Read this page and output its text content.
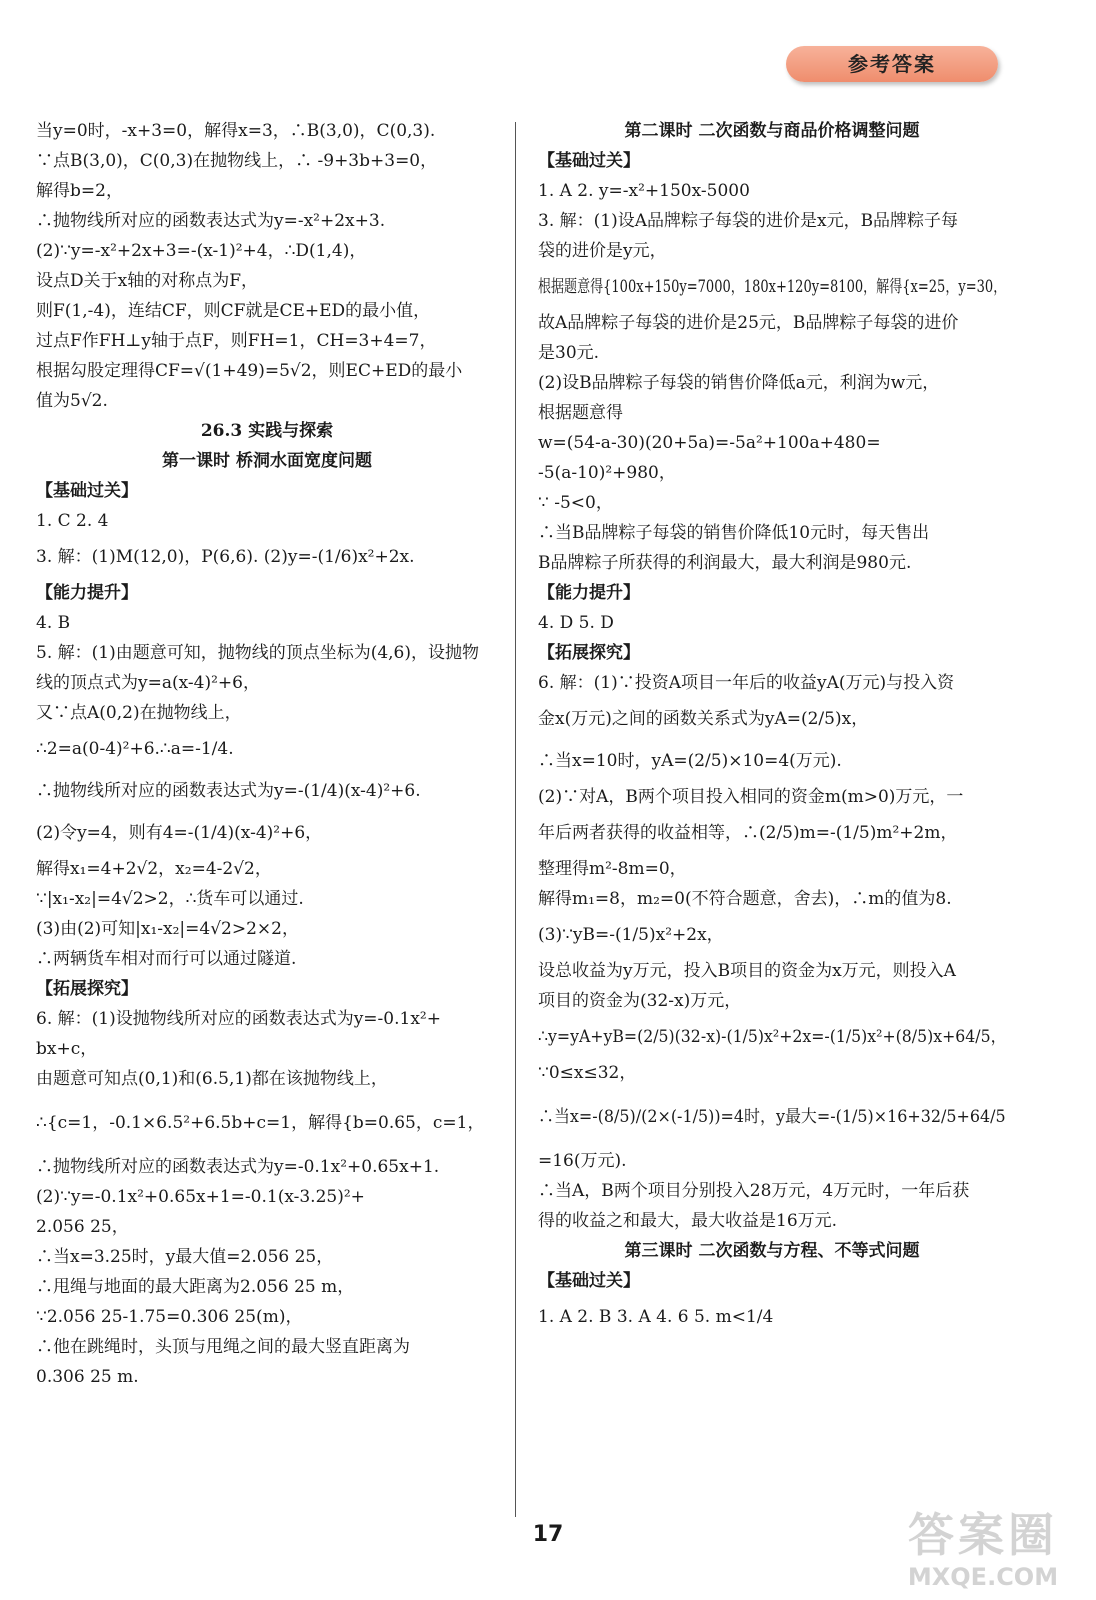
参考答案
当y=0时，-x+3=0，解得x=3，∴B(3,0)，C(0,3).
∵点B(3,0)，C(0,3)在抛物线上，∴ -9+3b+3=0，
解得b=2，
∴抛物线所对应的函数表达式为y=-x²+2x+3.
(2)∵y=-x²+2x+3=-(x-1)²+4，∴D(1,4)，
设点D关于x轴的对称点为F，
则F(1,-4)，连结CF，则CF就是CE+ED的最小值，
过点F作FH⊥y轴于点F，则FH=1，CH=3+4=7，
根据勾股定理得CF=√(1+49)=5√2，则EC+ED的最小
值为5√2.
26.3 实践与探索
第一课时 桥洞水面宽度问题
【基础过关】
1. C 2. 4
3. 解：(1)M(12,0)，P(6,6). (2)y=-(1/6)x²+2x.
【能力提升】
4. B
5. 解：(1)由题意可知，抛物线的顶点坐标为(4,6)，设抛物
线的顶点式为y=a(x-4)²+6，
又∵点A(0,2)在抛物线上，
∴2=a(0-4)²+6.∴a=-1/4.
∴抛物线所对应的函数表达式为y=-(1/4)(x-4)²+6.
(2)令y=4，则有4=-(1/4)(x-4)²+6，
解得x₁=4+2√2，x₂=4-2√2，
∵|x₁-x₂|=4√2>2，∴货车可以通过.
(3)由(2)可知|x₁-x₂|=4√2>2×2，
∴两辆货车相对而行可以通过隧道.
【拓展探究】
6. 解：(1)设抛物线所对应的函数表达式为y=-0.1x²+
bx+c，
由题意可知点(0,1)和(6.5,1)都在该抛物线上，
∴{c=1，-0.1×6.5²+6.5b+c=1，解得{b=0.65，c=1，
∴抛物线所对应的函数表达式为y=-0.1x²+0.65x+1.
(2)∵y=-0.1x²+0.65x+1=-0.1(x-3.25)²+
2.056 25，
∴当x=3.25时，y最大值=2.056 25，
∴甩绳与地面的最大距离为2.056 25 m，
∵2.056 25-1.75=0.306 25(m)，
∴他在跳绳时，头顶与甩绳之间的最大竖直距离为
0.306 25 m.
第二课时 二次函数与商品价格调整问题
【基础过关】
1. A 2. y=-x²+150x-5000
3. 解：(1)设A品牌粽子每袋的进价是x元，B品牌粽子每
袋的进价是y元，
根据题意得{100x+150y=7000，180x+120y=8100，解得{x=25，y=30，
故A品牌粽子每袋的进价是25元，B品牌粽子每袋的进价
是30元.
(2)设B品牌粽子每袋的销售价降低a元，利润为w元，
根据题意得
w=(54-a-30)(20+5a)=-5a²+100a+480=
-5(a-10)²+980，
∵ -5<0，
∴当B品牌粽子每袋的销售价降低10元时，每天售出
B品牌粽子所获得的利润最大，最大利润是980元.
【能力提升】
4. D 5. D
【拓展探究】
6. 解：(1)∵投资A项目一年后的收益yA(万元)与投入资
金x(万元)之间的函数关系式为yA=(2/5)x，
∴当x=10时，yA=(2/5)×10=4(万元).
(2)∵对A，B两个项目投入相同的资金m(m>0)万元，一
年后两者获得的收益相等，∴(2/5)m=-(1/5)m²+2m，
整理得m²-8m=0，
解得m₁=8，m₂=0(不符合题意，舍去)，∴m的值为8.
(3)∵yB=-(1/5)x²+2x，
设总收益为y万元，投入B项目的资金为x万元，则投入A
项目的资金为(32-x)万元，
∴y=yA+yB=(2/5)(32-x)-(1/5)x²+2x=-(1/5)x²+(8/5)x+64/5，
∵0≤x≤32，
∴当x=-(8/5)/(2×(-1/5))=4时，y最大=-(1/5)×16+32/5+64/5
=16(万元).
∴当A，B两个项目分别投入28万元，4万元时，一年后获
得的收益之和最大，最大收益是16万元.
第三课时 二次函数与方程、不等式问题
【基础过关】
1. A 2. B 3. A 4. 6 5. m<1/4
17	答案圈
MXQE.COM
